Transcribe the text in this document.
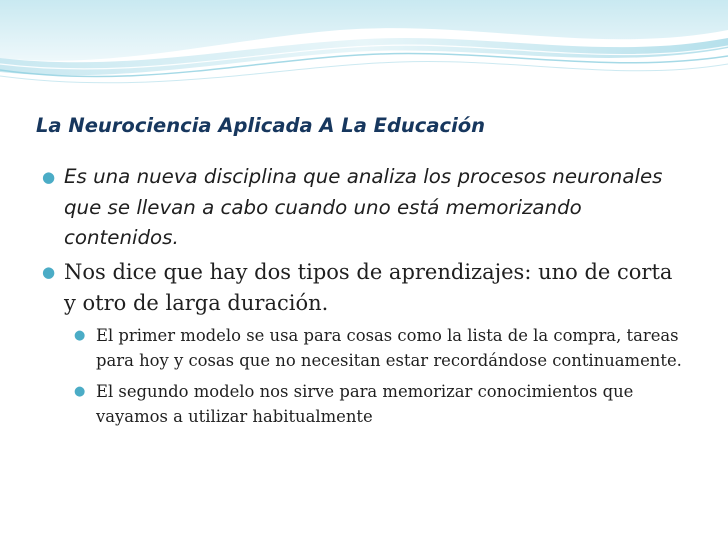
La Neurociencia Aplicada A La Educación
● Es una nueva disciplina que analiza los procesos neuronales que se llevan a cabo cuando uno está memorizando contenidos.
● Nos dice que hay dos tipos de aprendizajes: uno de corta y otro de larga duración.
● El primer modelo se usa para cosas como la lista de la compra, tareas para hoy y cosas que no necesitan estar recordándose continuamente.
● El segundo modelo nos sirve para memorizar conocimientos que vayamos a utilizar habitualmente
